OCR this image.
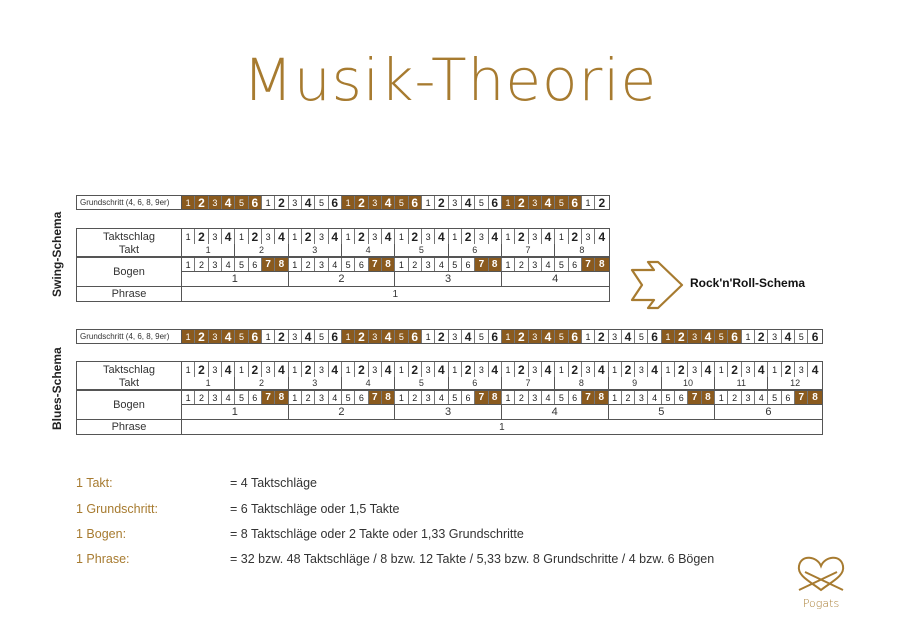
Musik-Theorie
Swing-Schema
Grundschritt (4, 6, 8, 9er)	1 2 3 4 5 6 1 2 3 4 5 6 1 2 3 4 5 6 1 2 3 4 5 6 1 2 3 4 5 6 1 2
Taktschlag	1 2 3 4 1 2 3 4 1 2 3 4 1 2 3 4 1 2 3 4 1 2 3 4 1 2 3 4 1 2 3 4
Takt	1	2	3	4	5	6	7	8
Bogen
1 2 3 4 5 6 7 8 1 2 3 4 5 6 7 8 1 2 3 4 5 6 7 8 1 2 3 4 5 6 7 8
1	2	3	4
Phrase	1
Blues-Schema
Grundschritt (4, 6, 8, 9er)	1 2 3 4 5 6 1 2 3 4 5 6 1 2 3 4 5 6 1 2 3 4 5 6 1 2 3 4 5 6 1 2 3 4 5 6 1 2 3 4 5 6 1 2 3 4 5 6
Taktschlag	1 2 3 4 1 2 3 4 1 2 3 4 1 2 3 4 1 2 3 4 1 2 3 4 1 2 3 4 1 2 3 4 1 2 3 4 1 2 3 4 1 2 3 4 1 2 3 4
Takt	1	2	3	4	5	6	7	8	9	10	11	12
Bogen
1 2 3 4 5 6 7 8 1 2 3 4 5 6 7 8 1 2 3 4 5 6 7 8 1 2 3 4 5 6 7 8 1 2 3 4 5 6 7 8 1 2 3 4 5 6 7 8
1	2	3	4	5	6
Phrase	1
Rock'n'Roll-Schema
1 Takt:	= 4 Taktschläge
1 Grundschritt:	= 6 Taktschläge oder 1,5 Takte
1 Bogen:	= 8 Taktschläge oder 2 Takte oder 1,33 Grundschritte
1 Phrase:	= 32 bzw. 48 Taktschläge / 8 bzw. 12 Takte / 5,33 bzw. 8 Grundschritte / 4 bzw. 6 Bögen
Pogats
